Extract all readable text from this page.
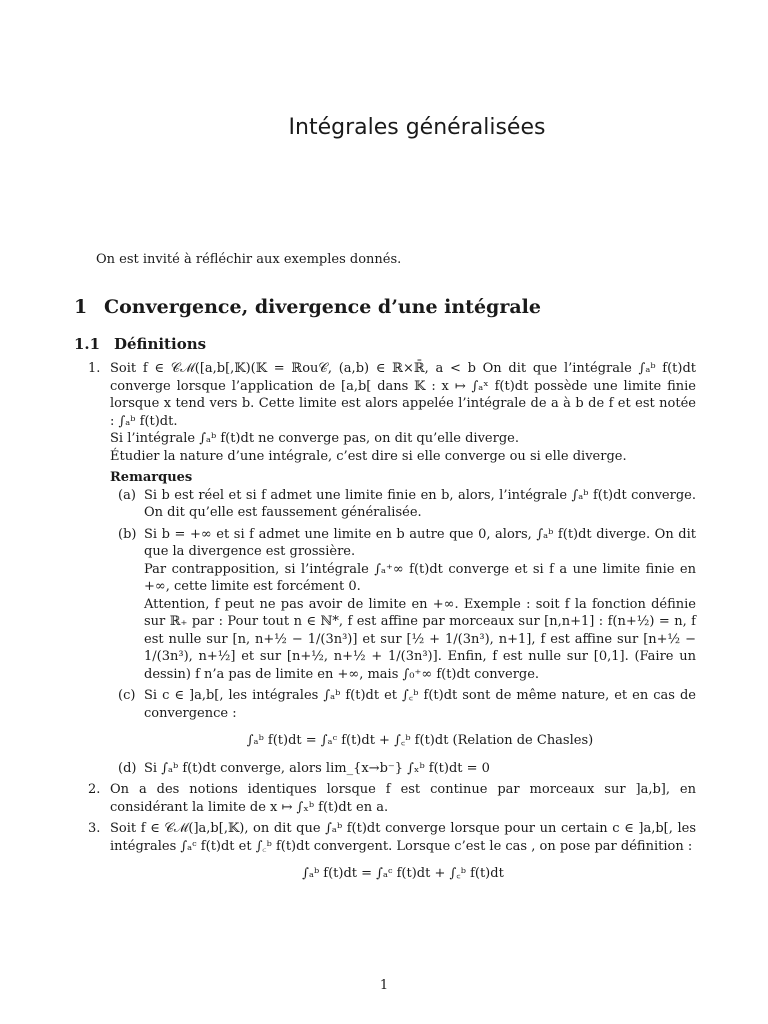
Intégrales généralisées
On est invité à réfléchir aux exemples donnés.
1 Convergence, divergence d’une intégrale
1.1 Définitions
1. Soit f ∈ 𝒞ℳ([a,b[,𝕂)(𝕂 = ℝou𝒞, (a,b) ∈ ℝ×ℝ̄, a < b On dit que l’intégrale ∫ₐᵇ f(t)dt converge lorsque l’application de [a,b[ dans 𝕂 : x ↦ ∫ₐˣ f(t)dt possède une limite finie lorsque x tend vers b. Cette limite est alors appelée l’intégrale de a à b de f et est notée : ∫ₐᵇ f(t)dt.
Si l’intégrale ∫ₐᵇ f(t)dt ne converge pas, on dit qu’elle diverge.
Étudier la nature d’une intégrale, c’est dire si elle converge ou si elle diverge.
Remarques
(a) Si b est réel et si f admet une limite finie en b, alors, l’intégrale ∫ₐᵇ f(t)dt converge. On dit qu’elle est faussement généralisée.
(b) Si b = +∞ et si f admet une limite en b autre que 0, alors, ∫ₐᵇ f(t)dt diverge. On dit que la divergence est grossière.
Par contrapposition, si l’intégrale ∫ₐ⁺∞ f(t)dt converge et si f a une limite finie en +∞, cette limite est forcément 0.
Attention, f peut ne pas avoir de limite en +∞. Exemple : soit f la fonction définie sur ℝ₊ par : Pour tout n ∈ ℕ*, f est affine par morceaux sur [n,n+1] : f(n+½) = n, f est nulle sur [n, n+½ − 1/(3n³)] et sur [½ + 1/(3n³), n+1], f est affine sur [n+½ − 1/(3n³), n+½] et sur [n+½, n+½ + 1/(3n³)]. Enfin, f est nulle sur [0,1]. (Faire un dessin) f n’a pas de limite en +∞, mais ∫₀⁺∞ f(t)dt converge.
(c) Si c ∈ ]a,b[, les intégrales ∫ₐᵇ f(t)dt et ∫꜀ᵇ f(t)dt sont de même nature, et en cas de convergence :
∫ₐᵇ f(t)dt = ∫ₐᶜ f(t)dt + ∫꜀ᵇ f(t)dt (Relation de Chasles)
(d) Si ∫ₐᵇ f(t)dt converge, alors lim_{x→b⁻} ∫ₓᵇ f(t)dt = 0
2. On a des notions identiques lorsque f est continue par morceaux sur ]a,b], en considérant la limite de x ↦ ∫ₓᵇ f(t)dt en a.
3. Soit f ∈ 𝒞ℳ(]a,b[,𝕂), on dit que ∫ₐᵇ f(t)dt converge lorsque pour un certain c ∈ ]a,b[, les intégrales ∫ₐᶜ f(t)dt et ∫꜀ᵇ f(t)dt convergent. Lorsque c’est le cas , on pose par définition :
∫ₐᵇ f(t)dt = ∫ₐᶜ f(t)dt + ∫꜀ᵇ f(t)dt
1
